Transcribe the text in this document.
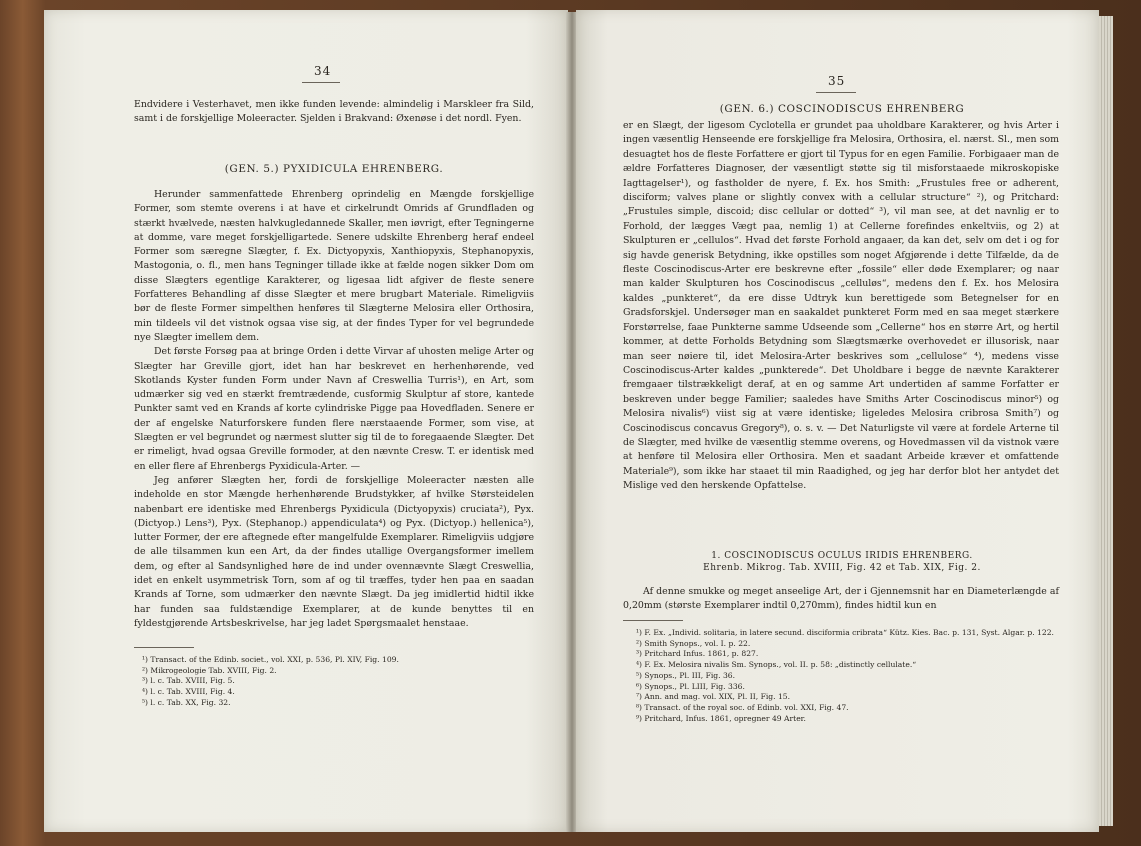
34

Endvidere i Vesterhavet, men ikke funden levende: almindelig i Marskleer fra Sild, samt i de forskjellige Moleeracter. Sjelden i Brakvand: Øxenøse i det nordl. Fyen.

(GEN. 5.) PYXIDICULA EHRENBERG.

Herunder sammenfattede Ehrenberg oprindelig en Mængde forskjellige Former, som stemte overens i at have et cirkelrundt Omrids af Grundfladen og stærkt hvælvede, næsten halvkugledannede Skaller, men iøvrigt, efter Tegningerne at domme, vare meget forskjelligartede. Senere udskilte Ehrenberg heraf endeel Former som særegne Slægter, f. Ex. Dictyopyxis, Xanthiopyxis, Stephanopyxis, Mastogonia, o. fl., men hans Tegninger tillade ikke at fælde nogen sikker Dom om disse Slægters egentlige Karakterer, og ligesaa lidt afgiver de fleste senere Forfatteres Behandling af disse Slægter et mere brugbart Materiale. Rimeligviis bør de fleste Former simpelthen henføres til Slægterne Melosira eller Orthosira, min tildeels vil det vistnok ogsaa vise sig, at der findes Typer for vel begrundede nye Slægter imellem dem.

Det første Forsøg paa at bringe Orden i dette Virvar af uhosten melige Arter og Slægter har Greville gjort, idet han har beskrevet en herhenhørende, ved Skotlands Kyster funden Form under Navn af Creswellia Turris¹), en Art, som udmærker sig ved en stærkt fremtrædende, cusformig Skulptur af store, kantede Punkter samt ved en Krands af korte cylindriske Pigge paa Hovedfladen. Senere er der af engelske Naturforskere funden flere nærstaaende Former, som vise, at Slægten er vel begrundet og nærmest slutter sig til de to foregaaende Slægter. Det er rimeligt, hvad ogsaa Greville formoder, at den nævnte Cresw. T. er identisk med en eller flere af Ehrenbergs Pyxidicula-Arter. —

Jeg anfører Slægten her, fordi de forskjellige Moleeracter næsten alle indeholde en stor Mængde herhenhørende Brudstykker, af hvilke Størsteidelen nabenbart ere identiske med Ehrenbergs Pyxidicula (Dictyopyxis) cruciata²), Pyx. (Dictyop.) Lens³), Pyx. (Stephanop.) appendiculata⁴) og Pyx. (Dictyop.) hellenica⁵), lutter Former, der ere aftegnede efter mangelfulde Exemplarer. Rimeligviis udgjøre de alle tilsammen kun een Art, da der findes utallige Overgangsformer imellem dem, og efter al Sandsynlighed høre de ind under ovennævnte Slægt Creswellia, idet en enkelt usymmetrisk Torn, som af og til træffes, tyder hen paa en saadan Krands af Torne, som udmærker den nævnte Slægt. Da jeg imidlertid hidtil ikke har funden saa fuldstændige Exemplarer, at de kunde benyttes til en fyldestgjørende Artsbeskrivelse, har jeg ladet Spørgsmaalet henstaae.

¹) Transact. of the Edinb. societ., vol. XXI, p. 536, Pl. XIV, Fig. 109.
²) Mikrogeologie Tab. XVIII, Fig. 2.
³) l. c. Tab. XVIII, Fig. 5.
⁴) l. c. Tab. XVIII, Fig. 4.
⁵) l. c. Tab. XX, Fig. 32.
35
(GEN. 6.) COSCINODISCUS EHRENBERG

er en Slægt, der ligesom Cyclotella er grundet paa uholdbare Karakterer, og hvis Arter i ingen væsentlig Henseende ere forskjellige fra Melosira, Orthosira, el. nærst. Sl., men som desuagtet hos de fleste Forfattere er gjort til Typus for en egen Familie. Forbigaaer man de ældre Forfatteres Diagnoser, der væsentligt støtte sig til misforstaaede mikroskopiske Iagttagelser¹), og fastholder de nyere, f. Ex. hos Smith: „Frustules free or adherent, disciform; valves plane or slightly convex with a cellular structure“ ²), og Pritchard: „Frustules simple, discoid; disc cellular or dotted“ ³), vil man see, at det navnlig er to Forhold, der lægges Vægt paa, nemlig 1) at Cellerne forefindes enkeltviis, og 2) at Skulpturen er „cellulos“. Hvad det første Forhold angaaer, da kan det, selv om det i og for sig havde generisk Betydning, ikke opstilles som noget Afgjørende i dette Tilfælde, da de fleste Coscinodiscus-Arter ere beskrevne efter „fossile“ eller døde Exemplarer; og naar man kalder Skulpturen hos Coscinodiscus „celluløs“, medens den f. Ex. hos Melosira kaldes „punkteret“, da ere disse Udtryk kun berettigede som Betegnelser for en Gradsforskjel. Undersøger man en saakaldet punkteret Form med en saa meget stærkere Forstørrelse, faae Punkterne samme Udseende som „Cellerne“ hos en større Art, og hertil kommer, at dette Forholds Betydning som Slægtsmærke overhovedet er illusorisk, naar man seer nøiere til, idet Melosira-Arter beskrives som „cellulose“ ⁴), medens visse Coscinodiscus-Arter kaldes „punkterede“. Det Uholdbare i begge de nævnte Karakterer fremgaaer tilstrækkeligt deraf, at en og samme Art undertiden af samme Forfatter er beskreven under begge Familier; saaledes have Smiths Arter Coscinodiscus minor⁵) og Melosira nivalis⁶) viist sig at være identiske; ligeledes Melosira cribrosa Smith⁷) og Coscinodiscus concavus Gregory⁸), o. s. v. — Det Naturligste vil være at fordele Arterne til de Slægter, med hvilke de væsentlig stemme overens, og Hovedmassen vil da vistnok være at henføre til Melosira eller Orthosira. Men et saadant Arbeide kræver et omfattende Materiale⁹), som ikke har staaet til min Raadighed, og jeg har derfor blot her antydet det Mislige ved den herskende Opfattelse.

1. COSCINODISCUS OCULUS IRIDIS EHRENBERG.
Ehrenb. Mikrog. Tab. XVIII, Fig. 42 et Tab. XIX, Fig. 2.

Af denne smukke og meget anseelige Art, der i Gjennemsnit har en Diameterlængde af 0,20mm (største Exemplarer indtil 0,270mm), findes hidtil kun en

¹) F. Ex. „Individ. solitaria, in latere secund. disciformia cribrata“ Kütz. Kies. Bac. p. 131, Syst. Algar. p. 122.
²) Smith Synops., vol. I. p. 22.
³) Pritchard Infus. 1861, p. 827.
⁴) F. Ex. Melosira nivalis Sm. Synops., vol. II. p. 58: „distinctly cellulate.“
⁵) Synops., Pl. III, Fig. 36.
⁶) Synops., Pl. LIII, Fig. 336.
⁷) Ann. and mag. vol. XIX, Pl. II, Fig. 15.
⁸) Transact. of the royal soc. of Edinb. vol. XXI, Fig. 47.
⁹) Pritchard, Infus. 1861, opregner 49 Arter.
